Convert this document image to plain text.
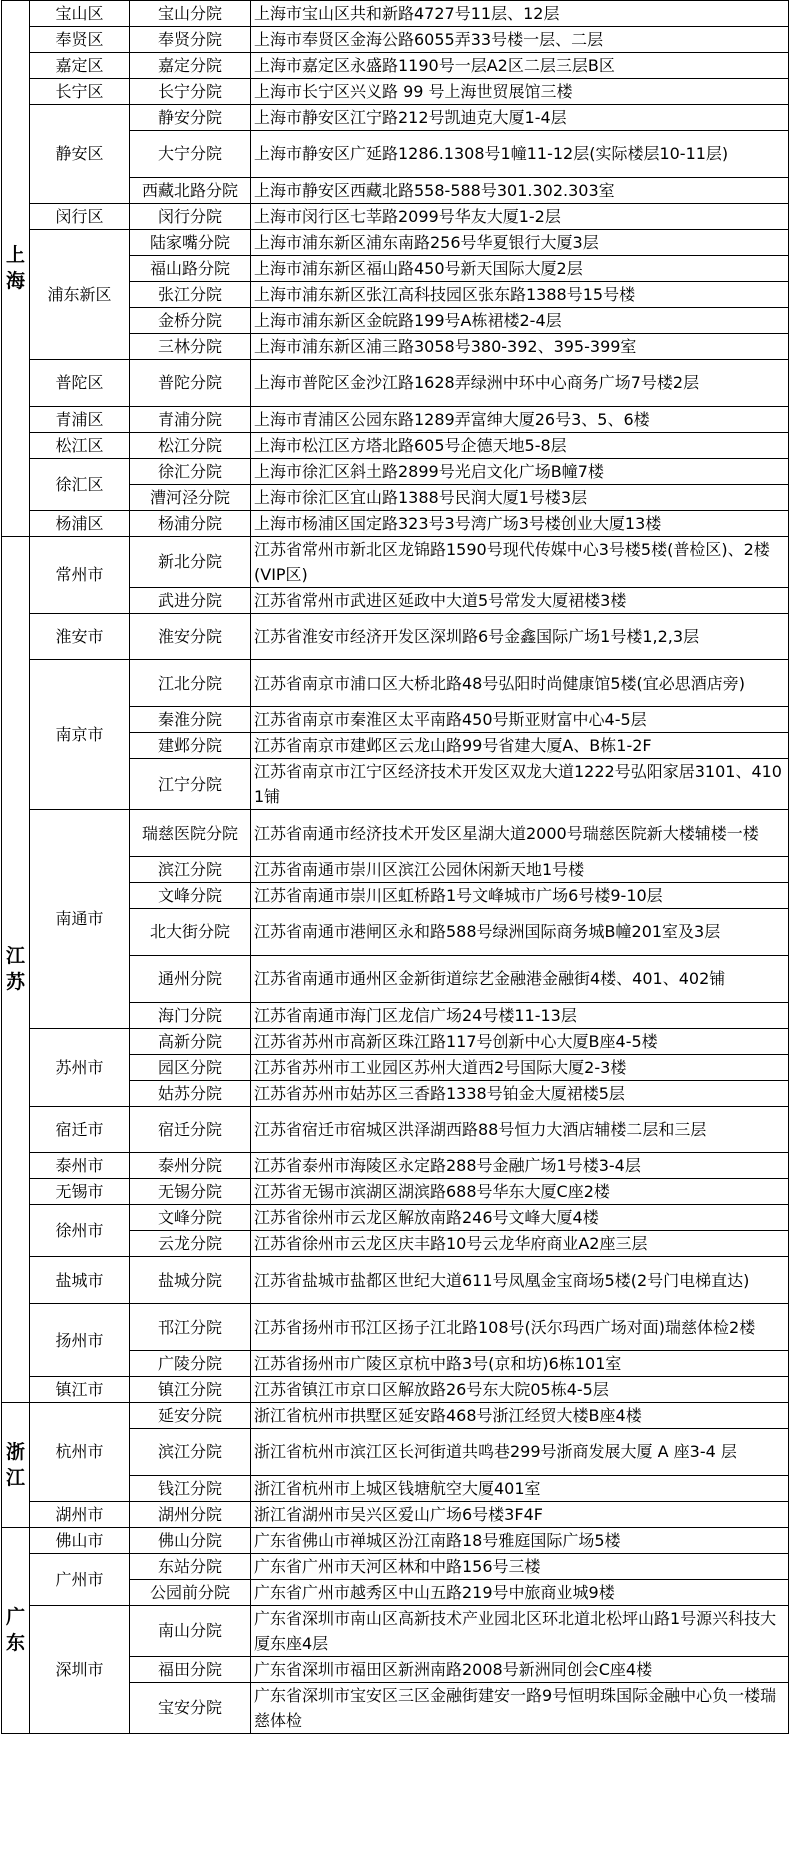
上海	宝山区	宝山分院	上海市宝山区共和新路4727号11层、12层
	奉贤区	奉贤分院	上海市奉贤区金海公路6055弄33号楼一层、二层
	嘉定区	嘉定分院	上海市嘉定区永盛路1190号一层A2区二层三层B区
	长宁区	长宁分院	上海市长宁区兴义路 99 号上海世贸展馆三楼
	静安区	静安分院	上海市静安区江宁路212号凯迪克大厦1-4层
		大宁分院	上海市静安区广延路1286.1308号1幢11-12层(实际楼层10-11层)
		西藏北路分院	上海市静安区西藏北路558-588号301.302.303室
	闵行区	闵行分院	上海市闵行区七莘路2099号华友大厦1-2层
	浦东新区	陆家嘴分院	上海市浦东新区浦东南路256号华夏银行大厦3层
		福山路分院	上海市浦东新区福山路450号新天国际大厦2层
		张江分院	上海市浦东新区张江高科技园区张东路1388号15号楼
		金桥分院	上海市浦东新区金皖路199号A栋裙楼2-4层
		三林分院	上海市浦东新区浦三路3058号380-392、395-399室
	普陀区	普陀分院	上海市普陀区金沙江路1628弄绿洲中环中心商务广场7号楼2层
	青浦区	青浦分院	上海市青浦区公园东路1289弄富绅大厦26号3、5、6楼
	松江区	松江分院	上海市松江区方塔北路605号企德天地5-8层
	徐汇区	徐汇分院	上海市徐汇区斜土路2899号光启文化广场B幢7楼
		漕河泾分院	上海市徐汇区宜山路1388号民润大厦1号楼3层
	杨浦区	杨浦分院	上海市杨浦区国定路323号3号湾广场3号楼创业大厦13楼
江苏	常州市	新北分院	江苏省常州市新北区龙锦路1590号现代传媒中心3号楼5楼(普检区)、2楼(VIP区)
		武进分院	江苏省常州市武进区延政中大道5号常发大厦裙楼3楼
	淮安市	淮安分院	江苏省淮安市经济开发区深圳路6号金鑫国际广场1号楼1,2,3层
	南京市	江北分院	江苏省南京市浦口区大桥北路48号弘阳时尚健康馆5楼(宜必思酒店旁)
		秦淮分院	江苏省南京市秦淮区太平南路450号斯亚财富中心4-5层
		建邺分院	江苏省南京市建邺区云龙山路99号省建大厦A、B栋1-2F
		江宁分院	江苏省南京市江宁区经济技术开发区双龙大道1222号弘阳家居3101、4101铺
	南通市	瑞慈医院分院	江苏省南通市经济技术开发区星湖大道2000号瑞慈医院新大楼辅楼一楼
		滨江分院	江苏省南通市崇川区滨江公园休闲新天地1号楼
		文峰分院	江苏省南通市崇川区虹桥路1号文峰城市广场6号楼9-10层
		北大街分院	江苏省南通市港闸区永和路588号绿洲国际商务城B幢201室及3层
		通州分院	江苏省南通市通州区金新街道综艺金融港金融街4楼、401、402铺
		海门分院	江苏省南通市海门区龙信广场24号楼11-13层
	苏州市	高新分院	江苏省苏州市高新区珠江路117号创新中心大厦B座4-5楼
		园区分院	江苏省苏州市工业园区苏州大道西2号国际大厦2-3楼
		姑苏分院	江苏省苏州市姑苏区三香路1338号铂金大厦裙楼5层
	宿迁市	宿迁分院	江苏省宿迁市宿城区洪泽湖西路88号恒力大酒店辅楼二层和三层
	泰州市	泰州分院	江苏省泰州市海陵区永定路288号金融广场1号楼3-4层
	无锡市	无锡分院	江苏省无锡市滨湖区湖滨路688号华东大厦C座2楼
	徐州市	文峰分院	江苏省徐州市云龙区解放南路246号文峰大厦4楼
		云龙分院	江苏省徐州市云龙区庆丰路10号云龙华府商业A2座三层
	盐城市	盐城分院	江苏省盐城市盐都区世纪大道611号凤凰金宝商场5楼(2号门电梯直达)
	扬州市	邗江分院	江苏省扬州市邗江区扬子江北路108号(沃尔玛西广场对面)瑞慈体检2楼
		广陵分院	江苏省扬州市广陵区京杭中路3号(京和坊)6栋101室
	镇江市	镇江分院	江苏省镇江市京口区解放路26号东大院05栋4-5层
浙江	杭州市	延安分院	浙江省杭州市拱墅区延安路468号浙江经贸大楼B座4楼
		滨江分院	浙江省杭州市滨江区长河街道共鸣巷299号浙商发展大厦 A 座3-4 层
		钱江分院	浙江省杭州市上城区钱塘航空大厦401室
	湖州市	湖州分院	浙江省湖州市吴兴区爱山广场6号楼3F4F
广东	佛山市	佛山分院	广东省佛山市禅城区汾江南路18号雅庭国际广场5楼
	广州市	东站分院	广东省广州市天河区林和中路156号三楼
		公园前分院	广东省广州市越秀区中山五路219号中旅商业城9楼
	深圳市	南山分院	广东省深圳市南山区高新技术产业园北区环北道北松坪山路1号源兴科技大厦东座4层
		福田分院	广东省深圳市福田区新洲南路2008号新洲同创会C座4楼
		宝安分院	广东省深圳市宝安区三区金融街建安一路9号恒明珠国际金融中心负一楼瑞慈体检
